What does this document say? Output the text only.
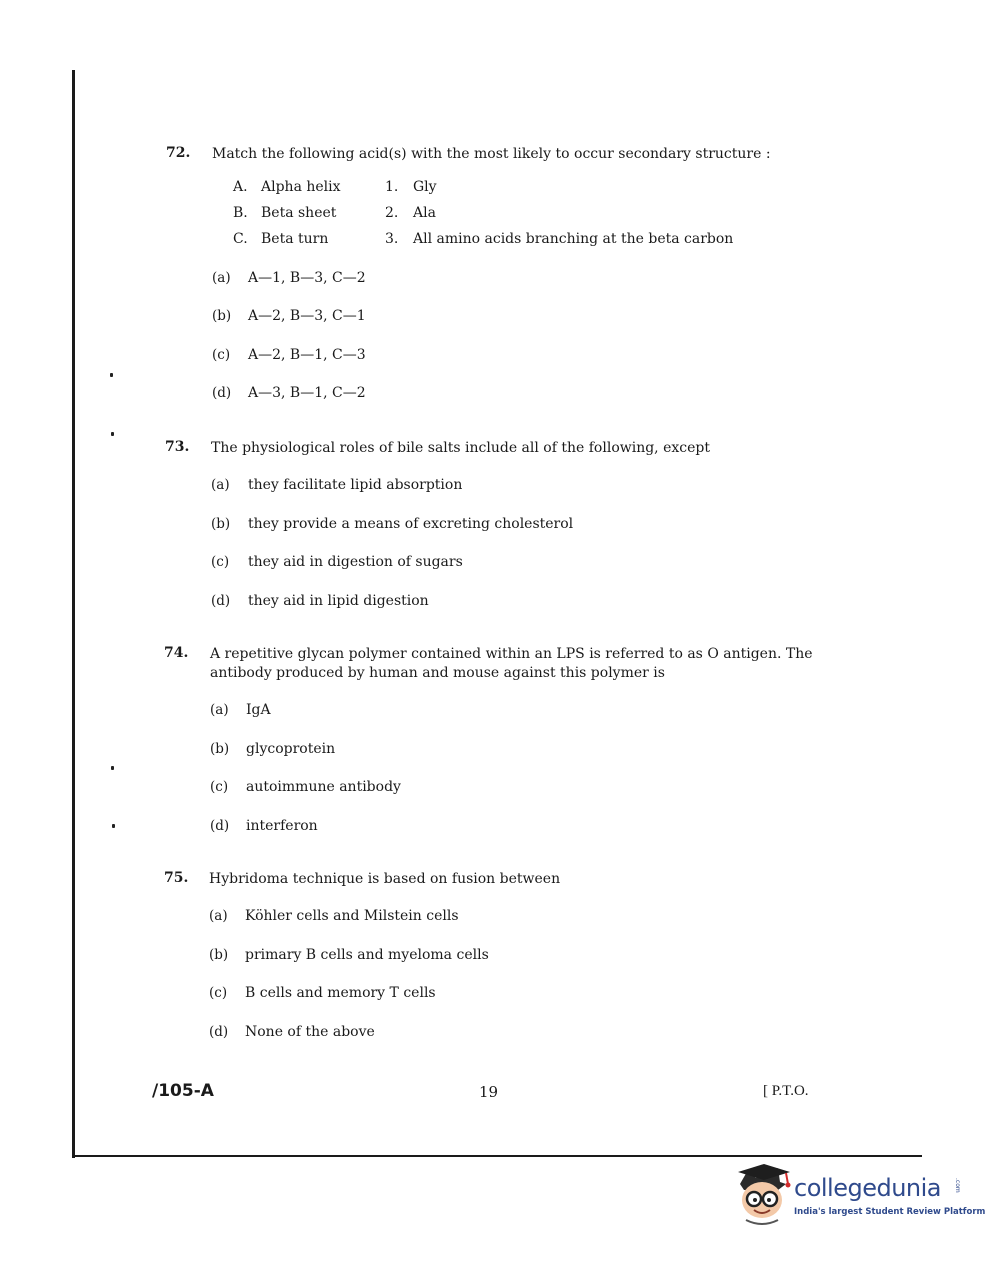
72. Match the following acid(s) with the most likely to occur secondary structure :
A. Alpha helix	1. Gly
B. Beta sheet	2. Ala
C. Beta turn	3. All amino acids branching at the beta carbon
(a) A—1, B—3, C—2
(b) A—2, B—3, C—1
(c) A—2, B—1, C—3
(d) A—3, B—1, C—2
73. The physiological roles of bile salts include all of the following, except
(a) they facilitate lipid absorption
(b) they provide a means of excreting cholesterol
(c) they aid in digestion of sugars
(d) they aid in lipid digestion
74. A repetitive glycan polymer contained within an LPS is referred to as O antigen. The
antibody produced by human and mouse against this polymer is
(a) IgA
(b) glycoprotein
(c) autoimmune antibody
(d) interferon
75. Hybridoma technique is based on fusion between
(a) Köhler cells and Milstein cells
(b) primary B cells and myeloma cells
(c) B cells and memory T cells
(d) None of the above
/105-A	19	[ P.T.O.
collegedunia .com
India's largest Student Review Platform
